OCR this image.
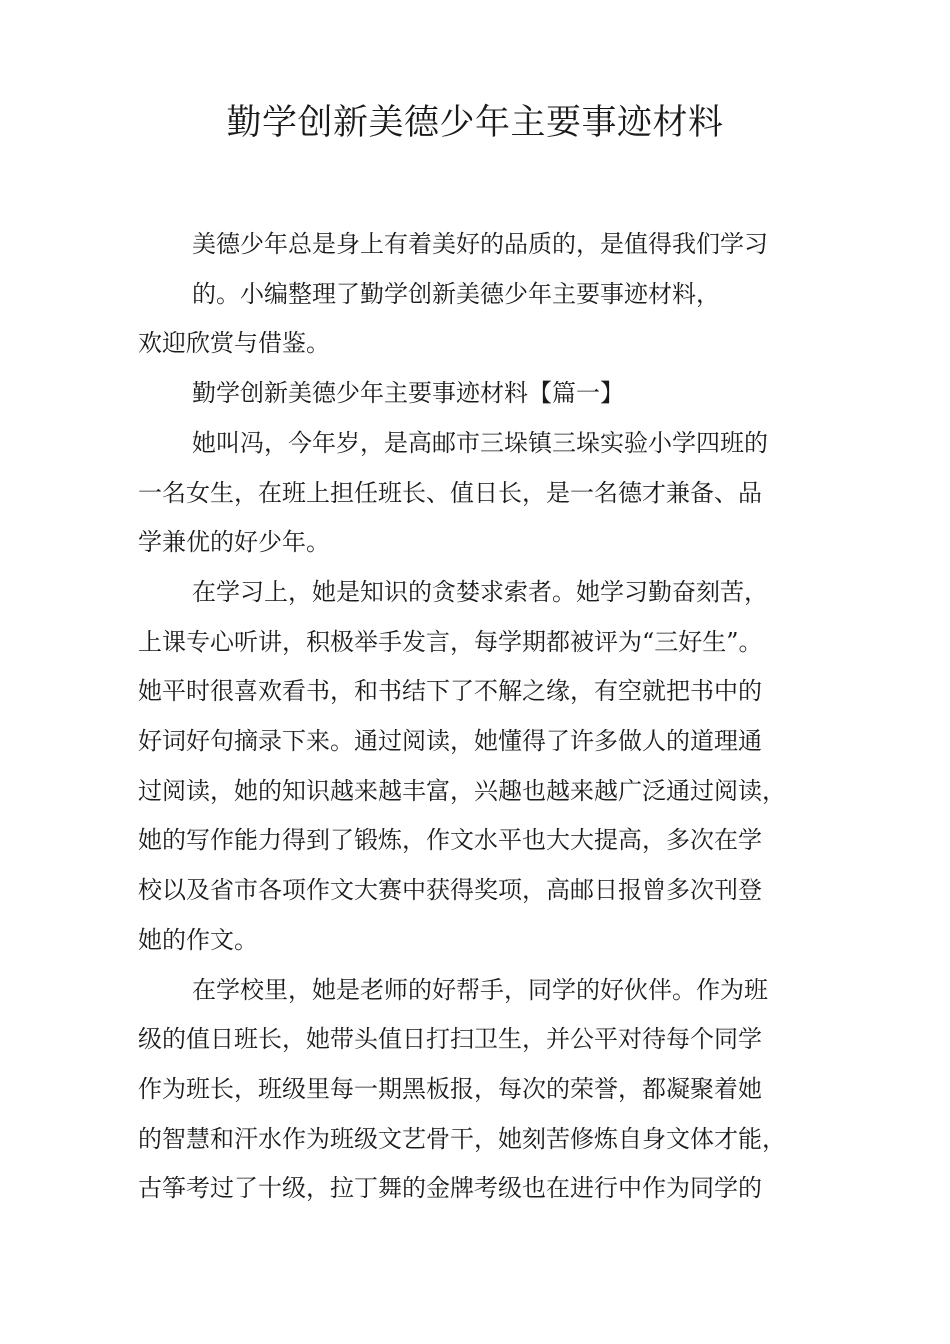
勤学创新美德少年主要事迹材料

美德少年总是身上有着美好的品质的，是值得我们学习
的。小编整理了勤学创新美德少年主要事迹材料，
欢迎欣赏与借鉴。

勤学创新美德少年主要事迹材料【篇一】

她叫冯，今年岁，是高邮市三垛镇三垛实验小学四班的
一名女生，在班上担任班长、值日长，是一名德才兼备、品
学兼优的好少年。

在学习上，她是知识的贪婪求索者。她学习勤奋刻苦，
上课专心听讲，积极举手发言，每学期都被评为“三好生”。
她平时很喜欢看书，和书结下了不解之缘，有空就把书中的
好词好句摘录下来。通过阅读，她懂得了许多做人的道理通
过阅读，她的知识越来越丰富，兴趣也越来越广泛通过阅读，
她的写作能力得到了锻炼，作文水平也大大提高，多次在学
校以及省市各项作文大赛中获得奖项，高邮日报曾多次刊登
她的作文。

在学校里，她是老师的好帮手，同学的好伙伴。作为班
级的值日班长，她带头值日打扫卫生，并公平对待每个同学
作为班长，班级里每一期黑板报，每次的荣誉，都凝聚着她
的智慧和汗水作为班级文艺骨干，她刻苦修炼自身文体才能，
古筝考过了十级，拉丁舞的金牌考级也在进行中作为同学的
